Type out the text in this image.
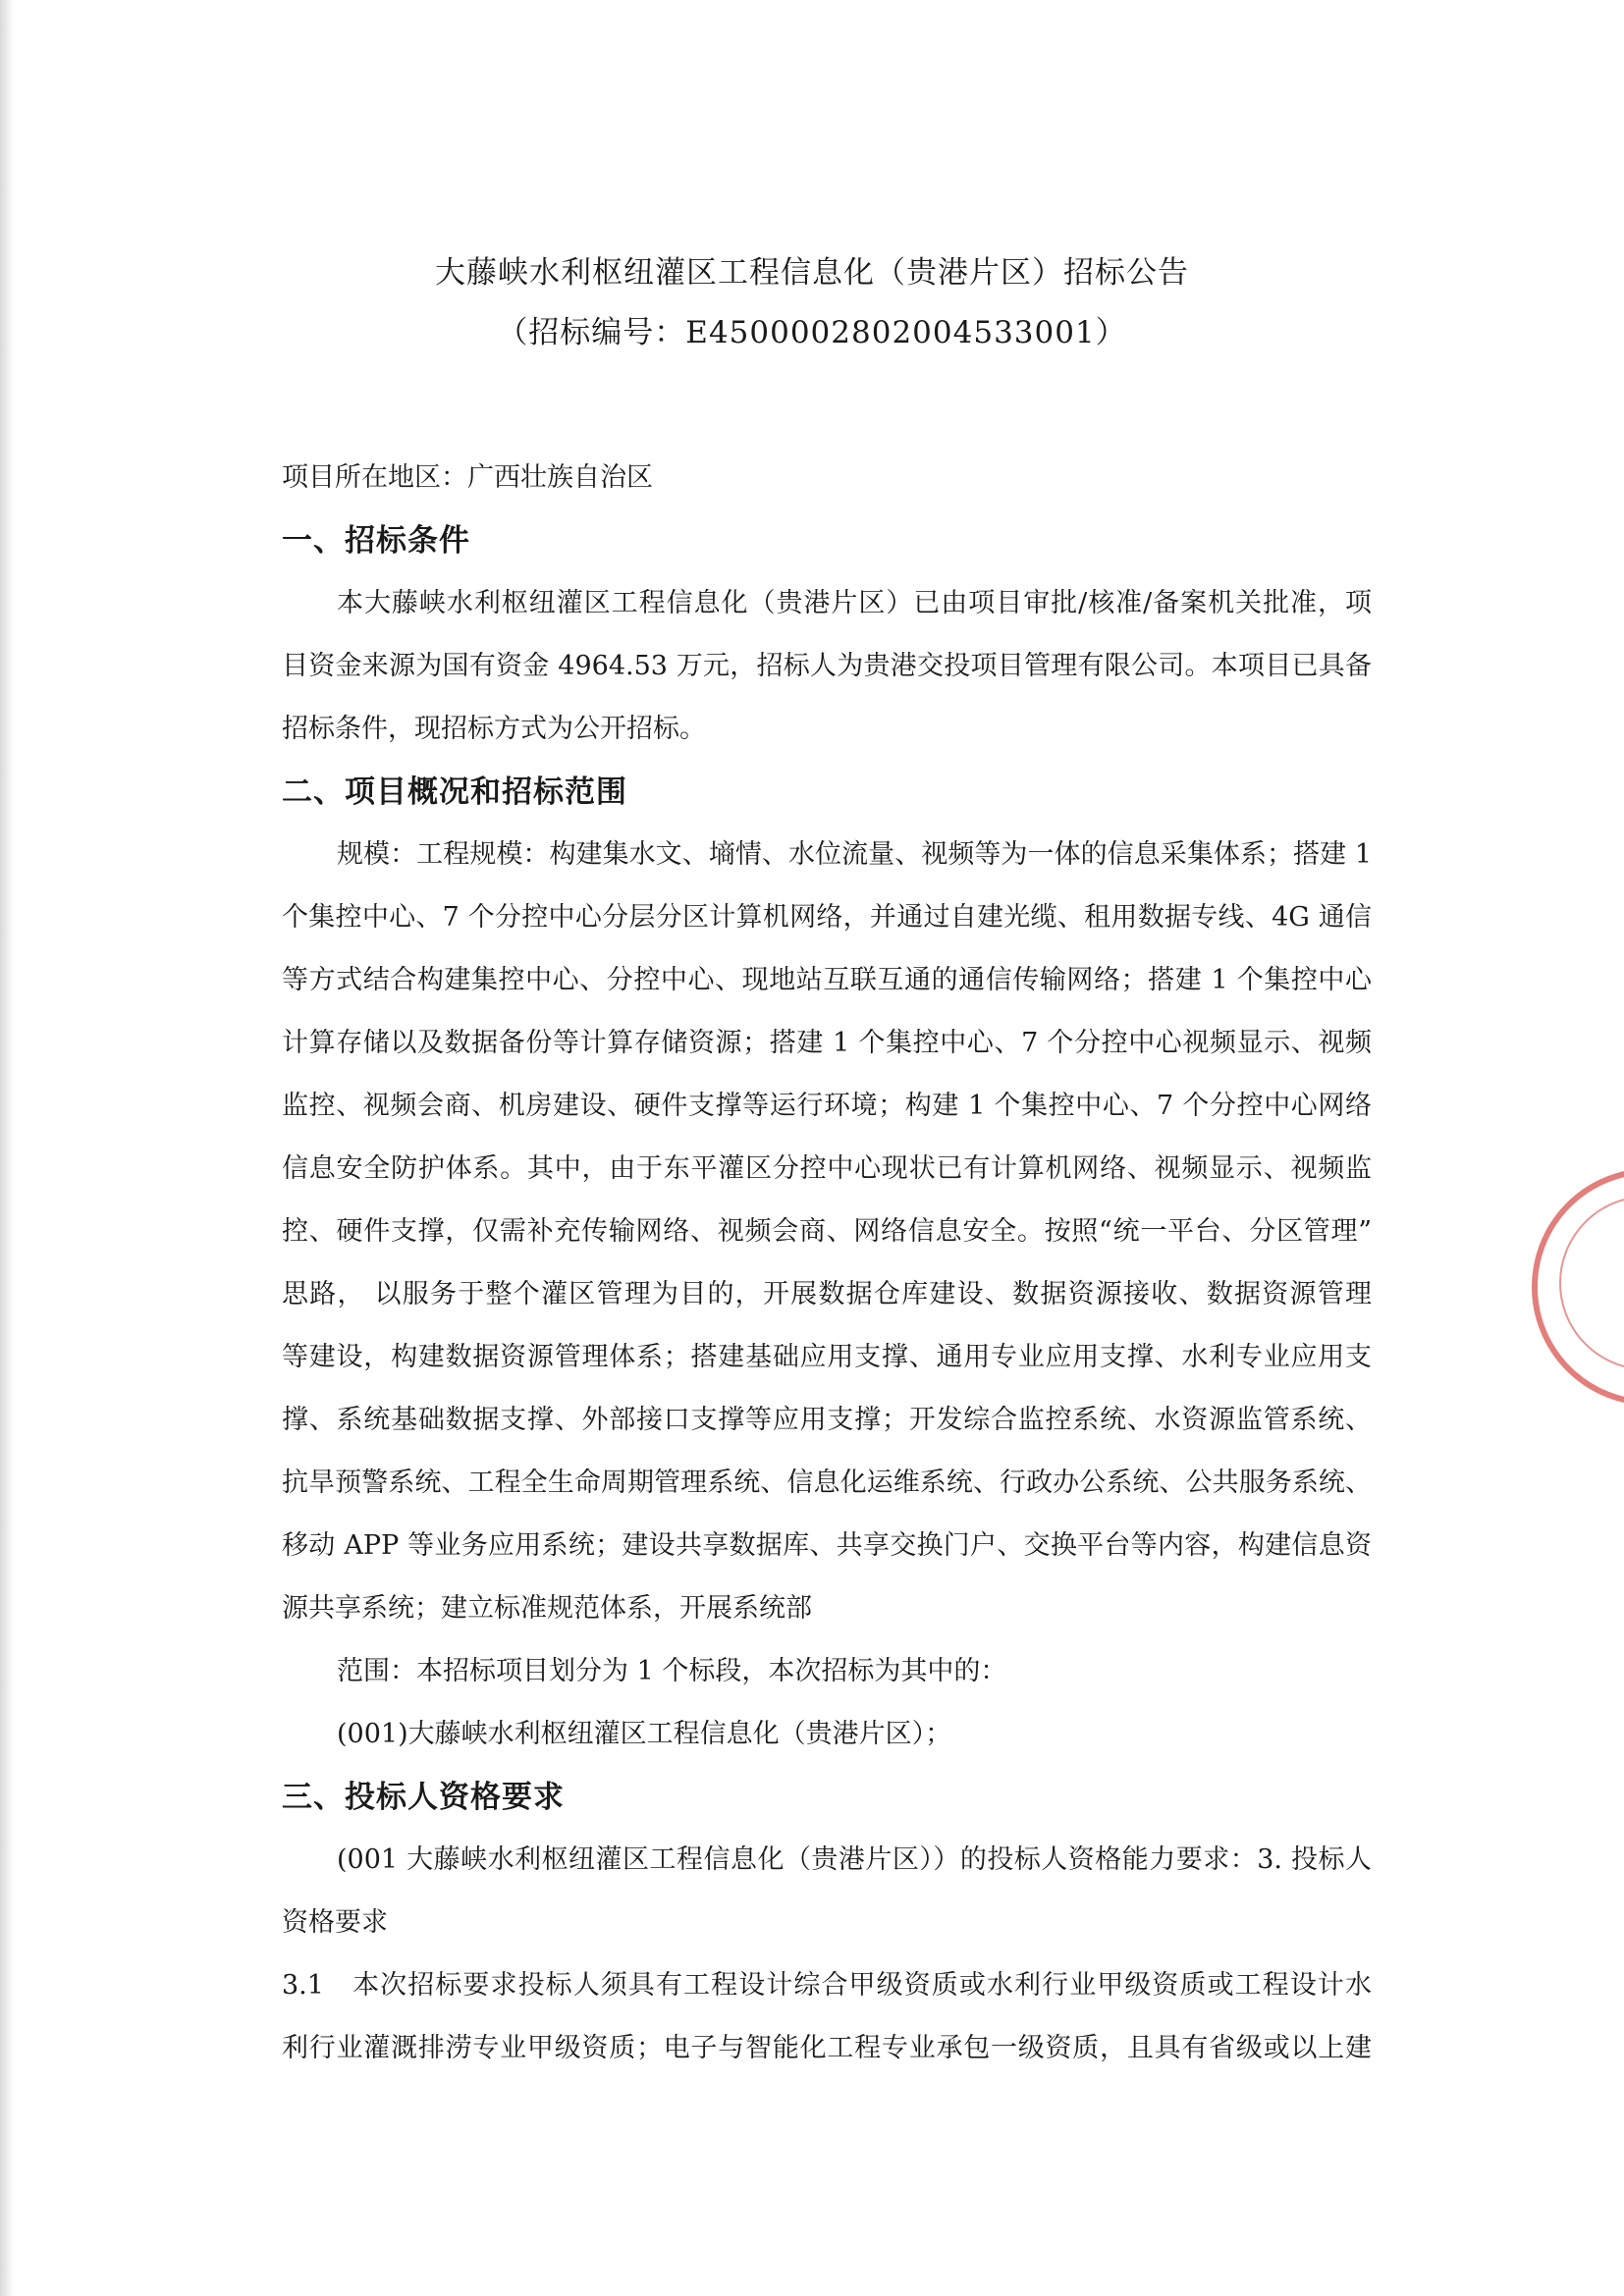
大藤峡水利枢纽灌区工程信息化（贵港片区）招标公告
（招标编号：E4500002802004533001）

项目所在地区：广西壮族自治区

一、招标条件

本大藤峡水利枢纽灌区工程信息化（贵港片区）已由项目审批/核准/备案机关批准，项

目资金来源为国有资金 4964.53 万元，招标人为贵港交投项目管理有限公司。本项目已具备

招标条件，现招标方式为公开招标。

二、项目概况和招标范围

规模：工程规模：构建集水文、墒情、水位流量、视频等为一体的信息采集体系；搭建 1

个集控中心、7 个分控中心分层分区计算机网络，并通过自建光缆、租用数据专线、4G 通信

等方式结合构建集控中心、分控中心、现地站互联互通的通信传输网络；搭建 1 个集控中心

计算存储以及数据备份等计算存储资源；搭建 1 个集控中心、7 个分控中心视频显示、视频

监控、视频会商、机房建设、硬件支撑等运行环境；构建 1 个集控中心、7 个分控中心网络

信息安全防护体系。其中，由于东平灌区分控中心现状已有计算机网络、视频显示、视频监

控、硬件支撑，仅需补充传输网络、视频会商、网络信息安全。按照“统一平台、分区管理”

思路， 以服务于整个灌区管理为目的，开展数据仓库建设、数据资源接收、数据资源管理

等建设，构建数据资源管理体系；搭建基础应用支撑、通用专业应用支撑、水利专业应用支

撑、系统基础数据支撑、外部接口支撑等应用支撑；开发综合监控系统、水资源监管系统、

抗旱预警系统、工程全生命周期管理系统、信息化运维系统、行政办公系统、公共服务系统、

移动 APP 等业务应用系统；建设共享数据库、共享交换门户、交换平台等内容，构建信息资

源共享系统；建立标准规范体系，开展系统部

范围：本招标项目划分为 1 个标段，本次招标为其中的：

(001)大藤峡水利枢纽灌区工程信息化（贵港片区）；

三、投标人资格要求

(001 大藤峡水利枢纽灌区工程信息化（贵港片区））的投标人资格能力要求：3. 投标人

资格要求

3.1　本次招标要求投标人须具有工程设计综合甲级资质或水利行业甲级资质或工程设计水

利行业灌溉排涝专业甲级资质；电子与智能化工程专业承包一级资质，且具有省级或以上建
